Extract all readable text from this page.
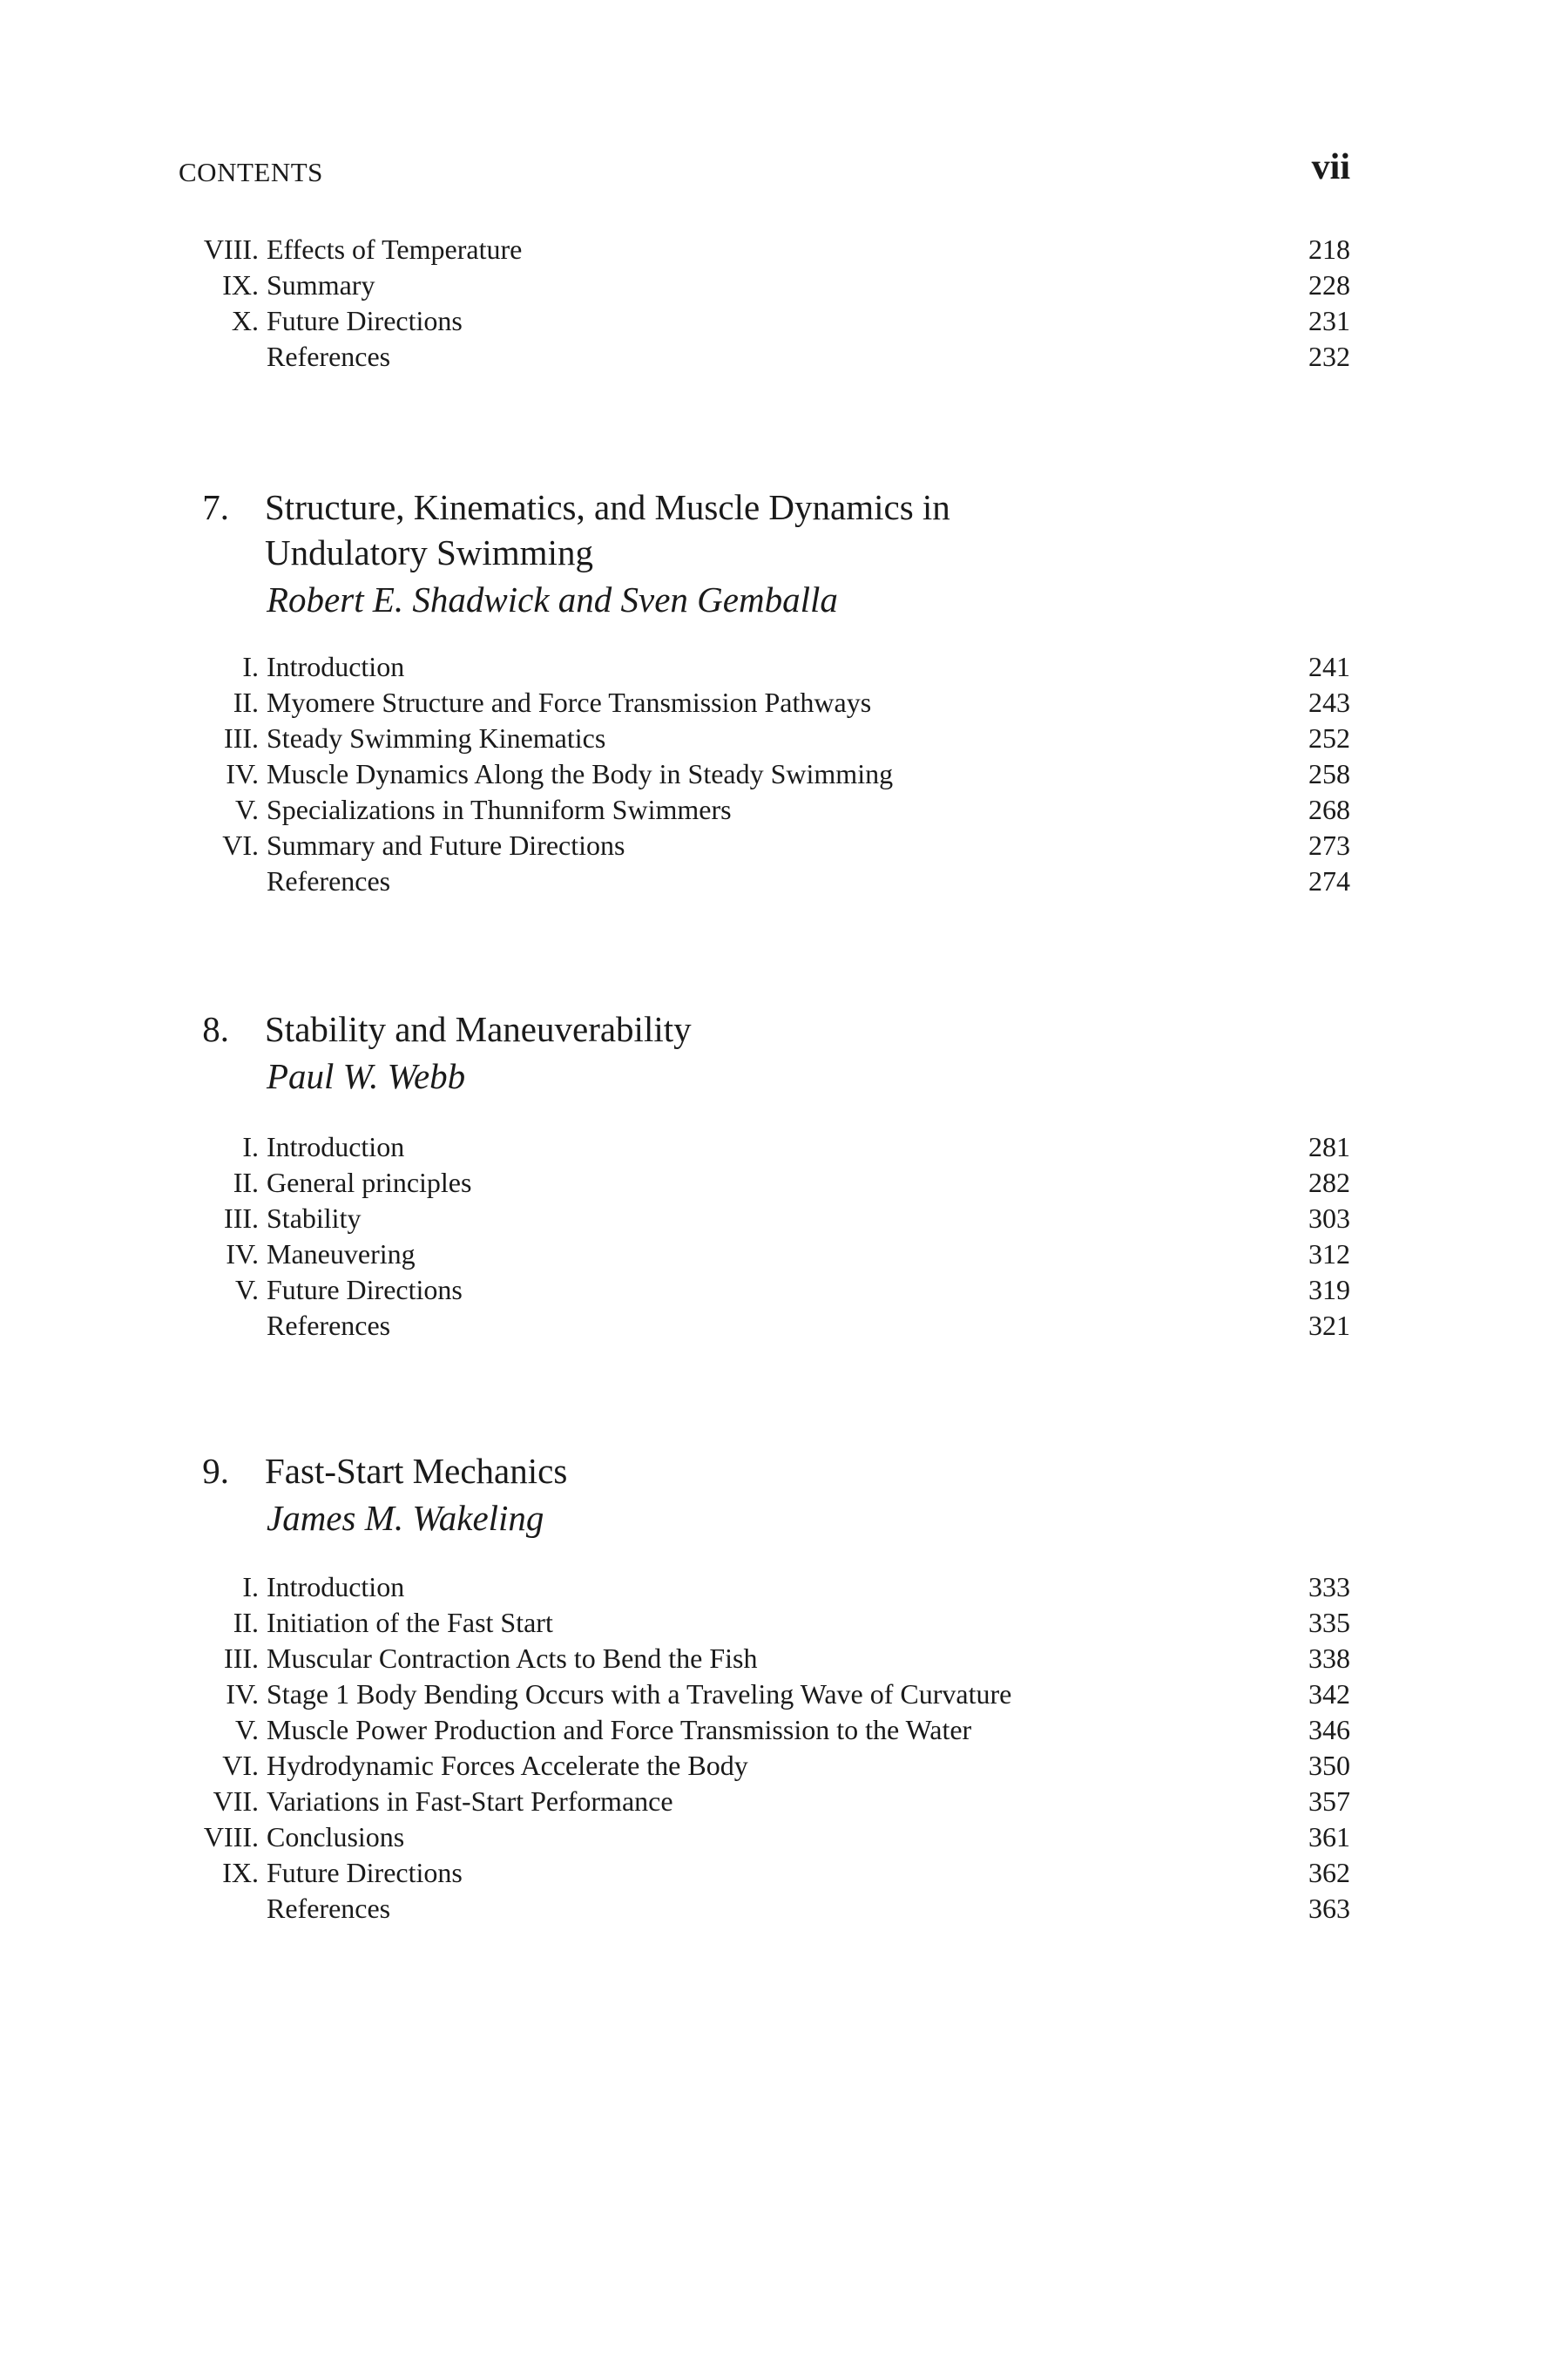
CONTENTS	vii
VIII. Effects of Temperature	218
IX. Summary	228
X. Future Directions	231
References	232
7. Structure, Kinematics, and Muscle Dynamics in
Undulatory Swimming
Robert E. Shadwick and Sven Gemballa
I. Introduction	241
II. Myomere Structure and Force Transmission Pathways	243
III. Steady Swimming Kinematics	252
IV. Muscle Dynamics Along the Body in Steady Swimming	258
V. Specializations in Thunniform Swimmers	268
VI. Summary and Future Directions	273
References	274
8. Stability and Maneuverability
Paul W. Webb
I. Introduction	281
II. General principles	282
III. Stability	303
IV. Maneuvering	312
V. Future Directions	319
References	321
9. Fast-Start Mechanics
James M. Wakeling
I. Introduction	333
II. Initiation of the Fast Start	335
III. Muscular Contraction Acts to Bend the Fish	338
IV. Stage 1 Body Bending Occurs with a Traveling Wave of Curvature	342
V. Muscle Power Production and Force Transmission to the Water	346
VI. Hydrodynamic Forces Accelerate the Body	350
VII. Variations in Fast-Start Performance	357
VIII. Conclusions	361
IX. Future Directions	362
References	363
